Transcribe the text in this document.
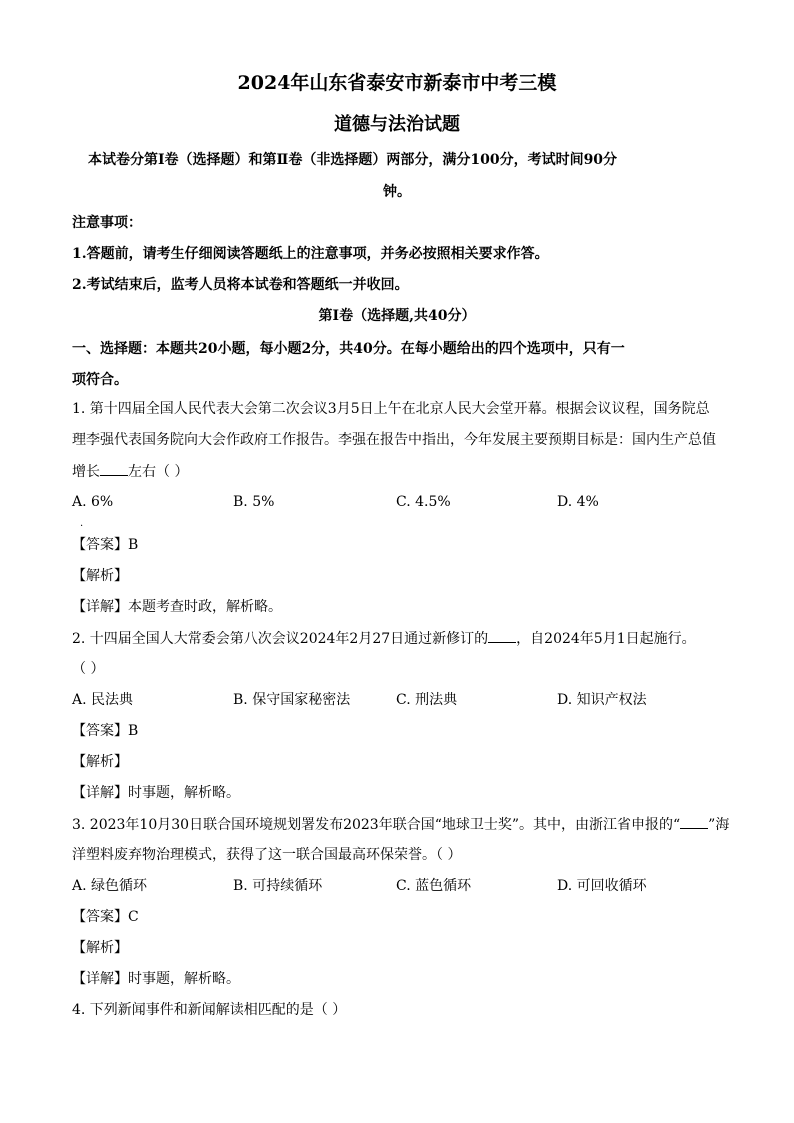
2024年山东省泰安市新泰市中考三模
道德与法治试题
本试卷分第Ⅰ卷（选择题）和第Ⅱ卷（非选择题）两部分，满分100分，考试时间90分
钟。
注意事项：
1.答题前，请考生仔细阅读答题纸上的注意事项，并务必按照相关要求作答。
2.考试结束后，监考人员将本试卷和答题纸一并收回。
第Ⅰ卷（选择题,共40分）
一、选择题：本题共20小题，每小题2分，共40分。在每小题给出的四个选项中，只有一
项符合。
1. 第十四届全国人民代表大会第二次会议3月5日上午在北京人民大会堂开幕。根据会议议程，国务院总
理李强代表国务院向大会作政府工作报告。李强在报告中指出，今年发展主要预期目标是：国内生产总值
增长 左右（ ）
A. 6%	B. 5%	C. 4.5%	D. 4%
.
【答案】B
【解析】
【详解】本题考查时政，解析略。
2. 十四届全国人大常委会第八次会议2024年2月27日通过新修订的 ，自2024年5月1日起施行。
（ ）
A. 民法典	B. 保守国家秘密法	C. 刑法典	D. 知识产权法
【答案】B
【解析】
【详解】时事题，解析略。
3. 2023年10月30日联合国环境规划署发布2023年联合国“地球卫士奖”。其中，由浙江省申报的“ ”海
洋塑料废弃物治理模式，获得了这一联合国最高环保荣誉。（ ）
A. 绿色循环	B. 可持续循环	C. 蓝色循环	D. 可回收循环
【答案】C
【解析】
【详解】时事题，解析略。
4. 下列新闻事件和新闻解读相匹配的是（ ）
